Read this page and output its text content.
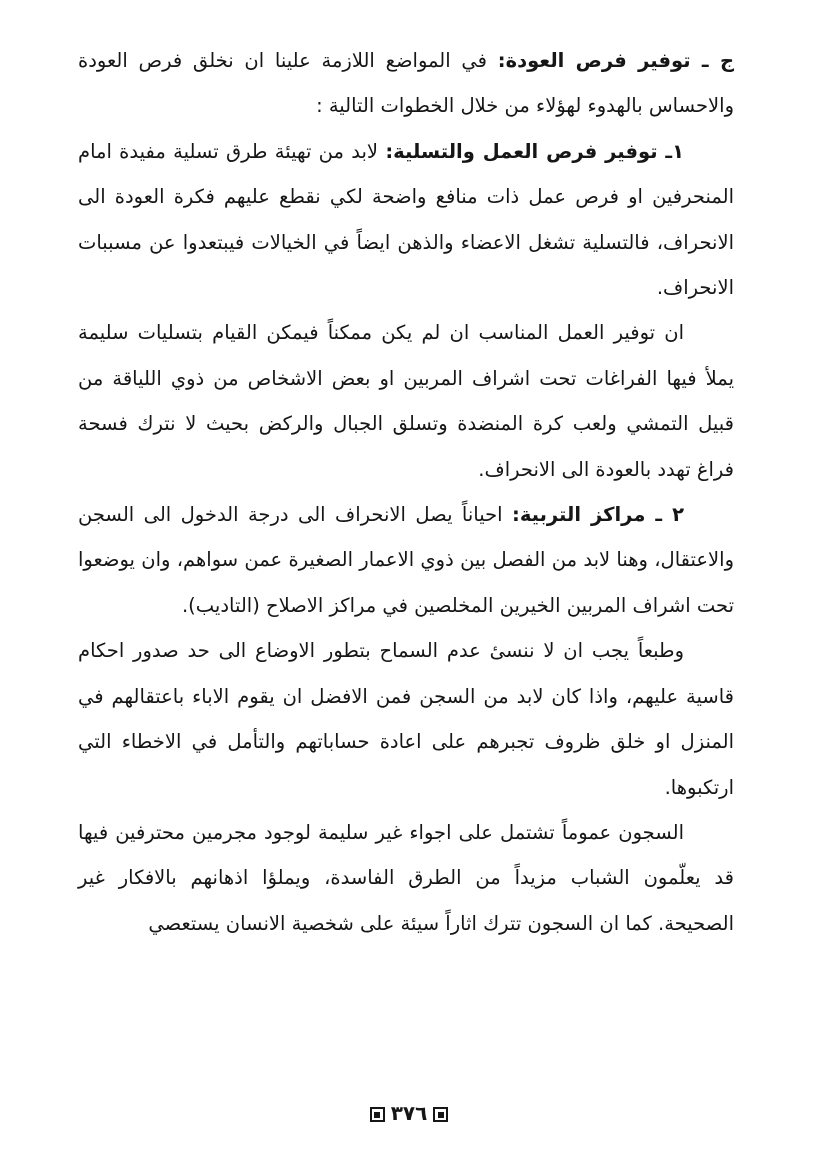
ج ـ توفير فرص العودة: في المواضع اللازمة علينا ان نخلق فرص العودة والاحساس بالهدوء لهؤلاء من خلال الخطوات التالية :

١ـ توفير فرص العمل والتسلية: لابد من تهيئة طرق تسلية مفيدة امام المنحرفين او فرص عمل ذات منافع واضحة لكي نقطع عليهم فكرة العودة الى الانحراف، فالتسلية تشغل الاعضاء والذهن ايضاً في الخيالات فيبتعدوا عن مسببات الانحراف.

ان توفير العمل المناسب ان لم يكن ممكناً فيمكن القيام بتسليات سليمة يملأ فيها الفراغات تحت اشراف المربين او بعض الاشخاص من ذوي اللياقة من قبيل التمشي ولعب كرة المنضدة وتسلق الجبال والركض بحيث لا نترك فسحة فراغ تهدد بالعودة الى الانحراف.

٢ ـ مراكز التربية: احياناً يصل الانحراف الى درجة الدخول الى السجن والاعتقال، وهنا لابد من الفصل بين ذوي الاعمار الصغيرة عمن سواهم، وان يوضعوا تحت اشراف المربين الخيرين المخلصين في مراكز الاصلاح (التاديب).

وطبعاً يجب ان لا ننسىٔ عدم السماح بتطور الاوضاع الى حد صدور احكام قاسية عليهم، واذا كان لابد من السجن فمن الافضل ان يقوم الاباء باعتقالهم في المنزل او خلق ظروف تجبرهم على اعادة حساباتهم والتأمل في الاخطاء التي ارتكبوها.

السجون عموماً تشتمل على اجواء غير سليمة لوجود مجرمين محترفين فيها قد يعلّمون الشباب مزيداً من الطرق الفاسدة، ويملؤا اذهانهم بالافكار غير الصحيحة. كما ان السجون تترك اثاراً سيئة على شخصية الانسان يستعصي

٣٧٦
